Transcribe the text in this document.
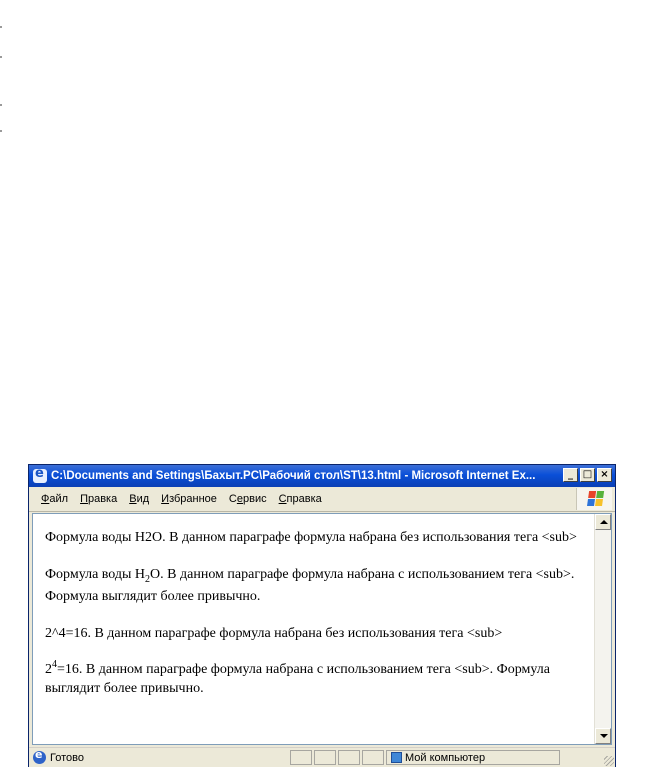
e
C:\Documents and Settings\Бахыт.PC\Рабочий стол\ST\13.html - Microsoft Internet Ex...	_ □ ×
Файл Правка Вид Избранное Сервис Справка

Формула воды H2O. В данном параграфе формула набрана без использования тега <sub>

Формула воды $H_2O$. В данном параграфе формула набрана с использованием тега <sub>. Формула выглядит более привычно.

2^4=16. В данном параграфе формула набрана без использования тега <sub>

$2^4=16$. В данном параграфе формула набрана с использованием тега <sub>. Формула выглядит более привычно.

e
Готово	Мой компьютер
